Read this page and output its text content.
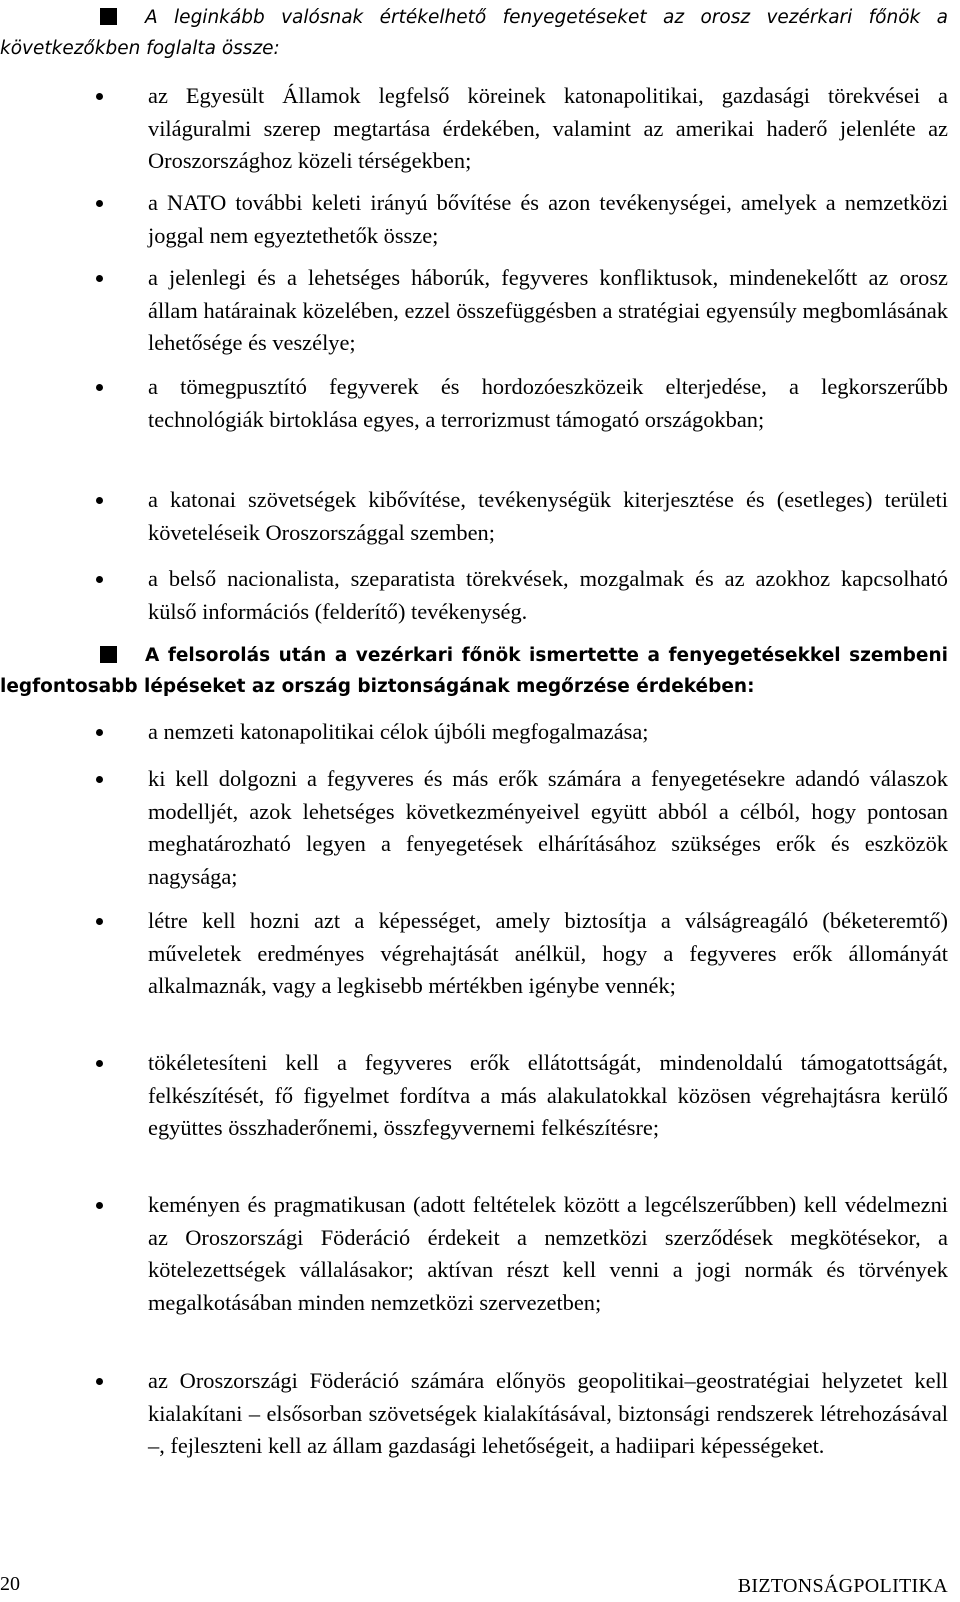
A leginkább valósnak értékelhető fenyegetéseket az orosz vezérkari főnök a következőkben foglalta össze:
az Egyesült Államok legfelső köreinek katonapolitikai, gazdasági törekvései a világuralmi szerep megtartása érdekében, valamint az amerikai haderő jelenléte az Oroszországhoz közeli térségekben;
a NATO további keleti irányú bővítése és azon tevékenységei, amelyek a nemzetközi joggal nem egyeztethetők össze;
a jelenlegi és a lehetséges háborúk, fegyveres konfliktusok, mindenekelőtt az orosz állam határainak közelében, ezzel összefüggésben a stratégiai egyensúly megbomlásának lehetősége és veszélye;
a tömegpusztító fegyverek és hordozóeszközeik elterjedése, a legkorszerűbb technológiák birtoklása egyes, a terrorizmust támogató országokban;
a katonai szövetségek kibővítése, tevékenységük kiterjesztése és (esetleges) területi követeléseik Oroszországgal szemben;
a belső nacionalista, szeparatista törekvések, mozgalmak és az azokhoz kapcsolható külső információs (felderítő) tevékenység.
A felsorolás után a vezérkari főnök ismertette a fenyegetésekkel szembeni legfontosabb lépéseket az ország biztonságának megőrzése érdekében:
a nemzeti katonapolitikai célok újbóli megfogalmazása;
ki kell dolgozni a fegyveres és más erők számára a fenyegetésekre adandó válaszok modelljét, azok lehetséges következményeivel együtt abból a célból, hogy pontosan meghatározható legyen a fenyegetések elhárításához szükséges erők és eszközök nagysága;
létre kell hozni azt a képességet, amely biztosítja a válságreagáló (béketeremtő) műveletek eredményes végrehajtását anélkül, hogy a fegyveres erők állományát alkalmaznák, vagy a legkisebb mértékben igénybe vennék;
tökéletesíteni kell a fegyveres erők ellátottságát, mindenoldalú támogatottságát, felkészítését, fő figyelmet fordítva a más alakulatokkal közösen végrehajtásra kerülő együttes összhaderőnemi, összfegyvernemi felkészítésre;
keményen és pragmatikusan (adott feltételek között a legcélszerűbben) kell védelmezni az Oroszországi Föderáció érdekeit a nemzetközi szerződések megkötésekor, a kötelezettségek vállalásakor; aktívan részt kell venni a jogi normák és törvények megalkotásában minden nemzetközi szervezetben;
az Oroszországi Föderáció számára előnyös geopolitikai–geostratégiai helyzetet kell kialakítani – elsősorban szövetségek kialakításával, biztonsági rendszerek létrehozásával –, fejleszteni kell az állam gazdasági lehetőségeit, a hadiipari képességeket.
20	BIZTONSÁGPOLITIKA
